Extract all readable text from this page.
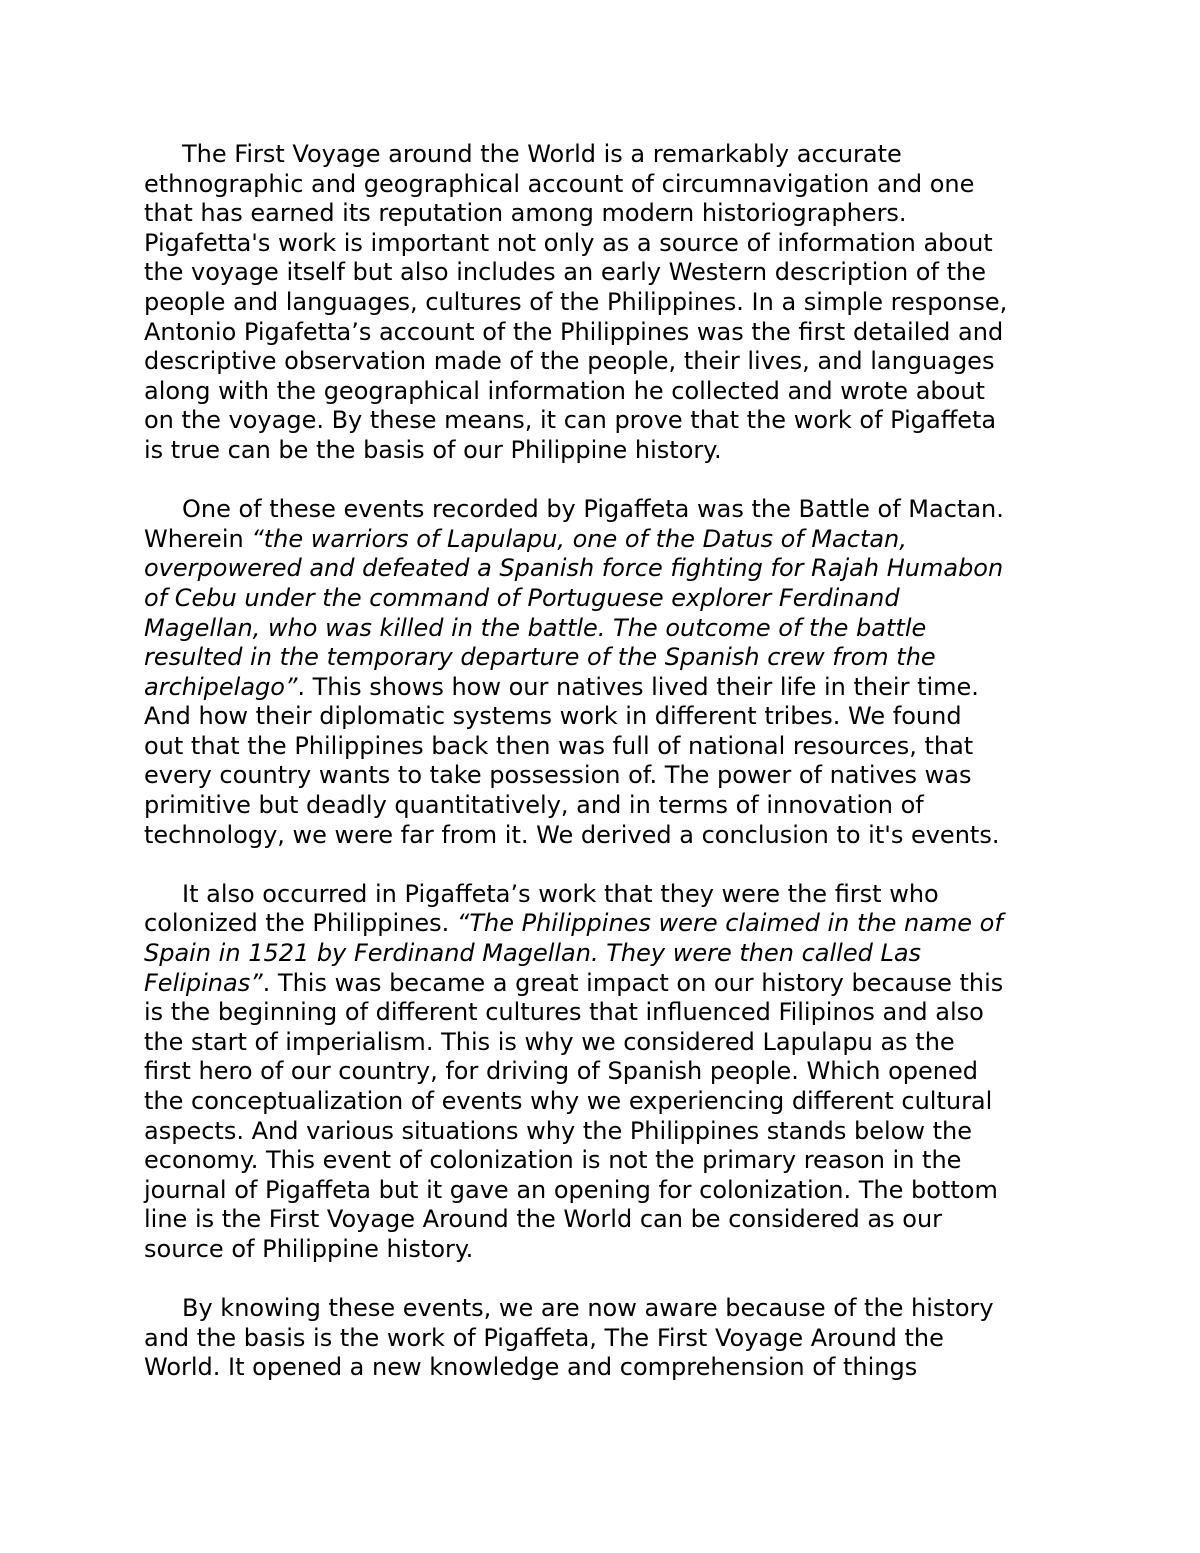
The First Voyage around the World is a remarkably accurate
ethnographic and geographical account of circumnavigation and one
that has earned its reputation among modern historiographers.
Pigafetta's work is important not only as a source of information about
the voyage itself but also includes an early Western description of the
people and languages, cultures of the Philippines. In a simple response,
Antonio Pigafetta’s account of the Philippines was the first detailed and
descriptive observation made of the people, their lives, and languages
along with the geographical information he collected and wrote about
on the voyage. By these means, it can prove that the work of Pigaffeta
is true can be the basis of our Philippine history.
One of these events recorded by Pigaffeta was the Battle of Mactan.
Wherein “the warriors of Lapulapu, one of the Datus of Mactan,
overpowered and defeated a Spanish force fighting for Rajah Humabon
of Cebu under the command of Portuguese explorer Ferdinand
Magellan, who was killed in the battle. The outcome of the battle
resulted in the temporary departure of the Spanish crew from the
archipelago”. This shows how our natives lived their life in their time.
And how their diplomatic systems work in different tribes. We found
out that the Philippines back then was full of national resources, that
every country wants to take possession of. The power of natives was
primitive but deadly quantitatively, and in terms of innovation of
technology, we were far from it. We derived a conclusion to it's events.
It also occurred in Pigaffeta’s work that they were the first who
colonized the Philippines. “The Philippines were claimed in the name of
Spain in 1521 by Ferdinand Magellan. They were then called Las
Felipinas”. This was became a great impact on our history because this
is the beginning of different cultures that influenced Filipinos and also
the start of imperialism. This is why we considered Lapulapu as the
first hero of our country, for driving of Spanish people. Which opened
the conceptualization of events why we experiencing different cultural
aspects. And various situations why the Philippines stands below the
economy. This event of colonization is not the primary reason in the
journal of Pigaffeta but it gave an opening for colonization. The bottom
line is the First Voyage Around the World can be considered as our
source of Philippine history.
By knowing these events, we are now aware because of the history
and the basis is the work of Pigaffeta, The First Voyage Around the
World. It opened a new knowledge and comprehension of things
